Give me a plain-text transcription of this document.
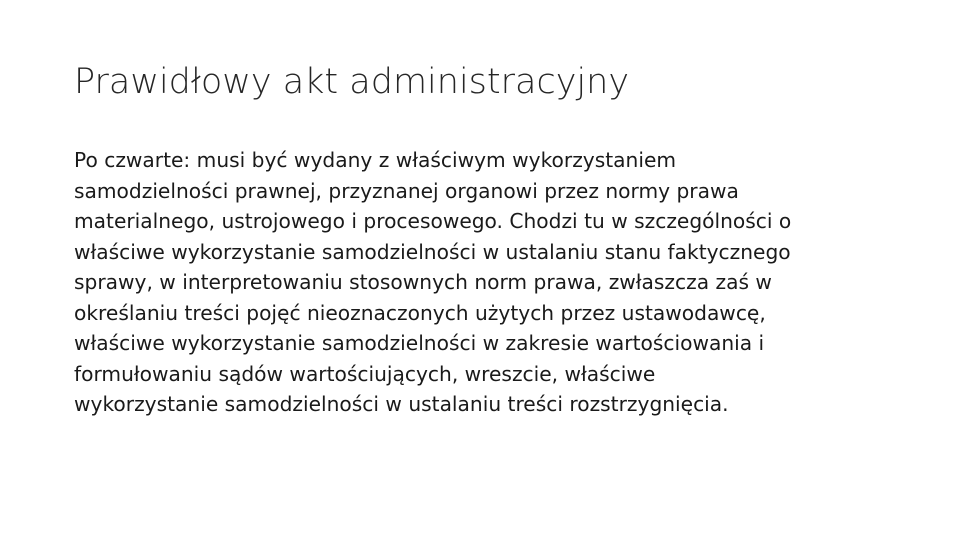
Prawidłowy akt administracyjny
Po czwarte: musi być wydany z właściwym wykorzystaniem
samodzielności prawnej, przyznanej organowi przez normy prawa
materialnego, ustrojowego i procesowego. Chodzi tu w szczególności o
właściwe wykorzystanie samodzielności w ustalaniu stanu faktycznego
sprawy, w interpretowaniu stosownych norm prawa, zwłaszcza zaś w
określaniu treści pojęć nieoznaczonych użytych przez ustawodawcę,
właściwe wykorzystanie samodzielności w zakresie wartościowania i
formułowaniu sądów wartościujących, wreszcie, właściwe
wykorzystanie samodzielności w ustalaniu treści rozstrzygnięcia.
